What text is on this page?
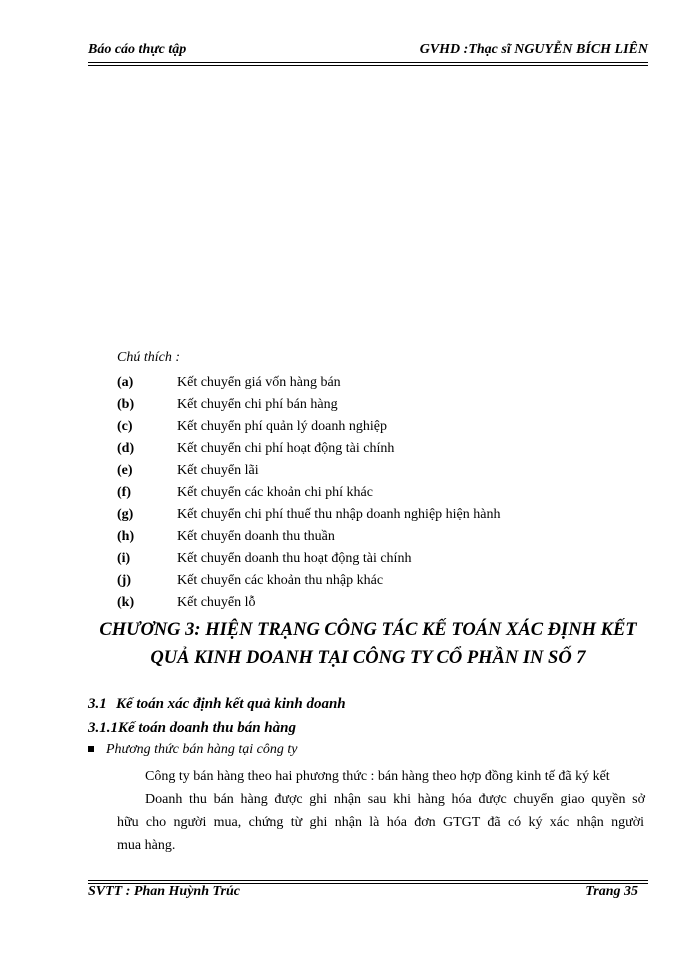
Báo cáo thực tập	GVHD :Thạc sĩ NGUYỄN BÍCH LIÊN
Chú thích :
(a)	Kết chuyển giá vốn hàng bán
(b)	Kết chuyển chi phí bán hàng
(c)	Kết chuyển phí quản lý doanh nghiệp
(d)	Kết chuyển chi phí hoạt động tài chính
(e)	Kết chuyển lãi
(f)	Kết chuyển các khoản chi phí khác
(g)	Kết chuyển chi phí thuế thu nhập doanh nghiệp hiện hành
(h)	Kết chuyển doanh thu thuần
(i)	Kết chuyển doanh thu hoạt động tài chính
(j)	Kết chuyển các khoản thu nhập khác
(k)	Kết chuyển lỗ
CHƯƠNG 3: HIỆN TRẠNG CÔNG TÁC KẾ TOÁN XÁC ĐỊNH KẾT
QUẢ KINH DOANH TẠI CÔNG TY CỔ PHẦN IN SỐ 7
3.1 Kế toán xác định kết quả kinh doanh
3.1.1Kế toán doanh thu bán hàng
Phương thức bán hàng tại công ty
Công ty bán hàng theo hai phương thức : bán hàng theo hợp đồng kinh tế đã ký kết
Doanh thu bán hàng được ghi nhận sau khi hàng hóa được chuyển giao quyền sở
hữu cho người mua, chứng từ ghi nhận là hóa đơn GTGT đã có ký xác nhận người
mua hàng.
SVTT : Phan Huỳnh Trúc	Trang 35
